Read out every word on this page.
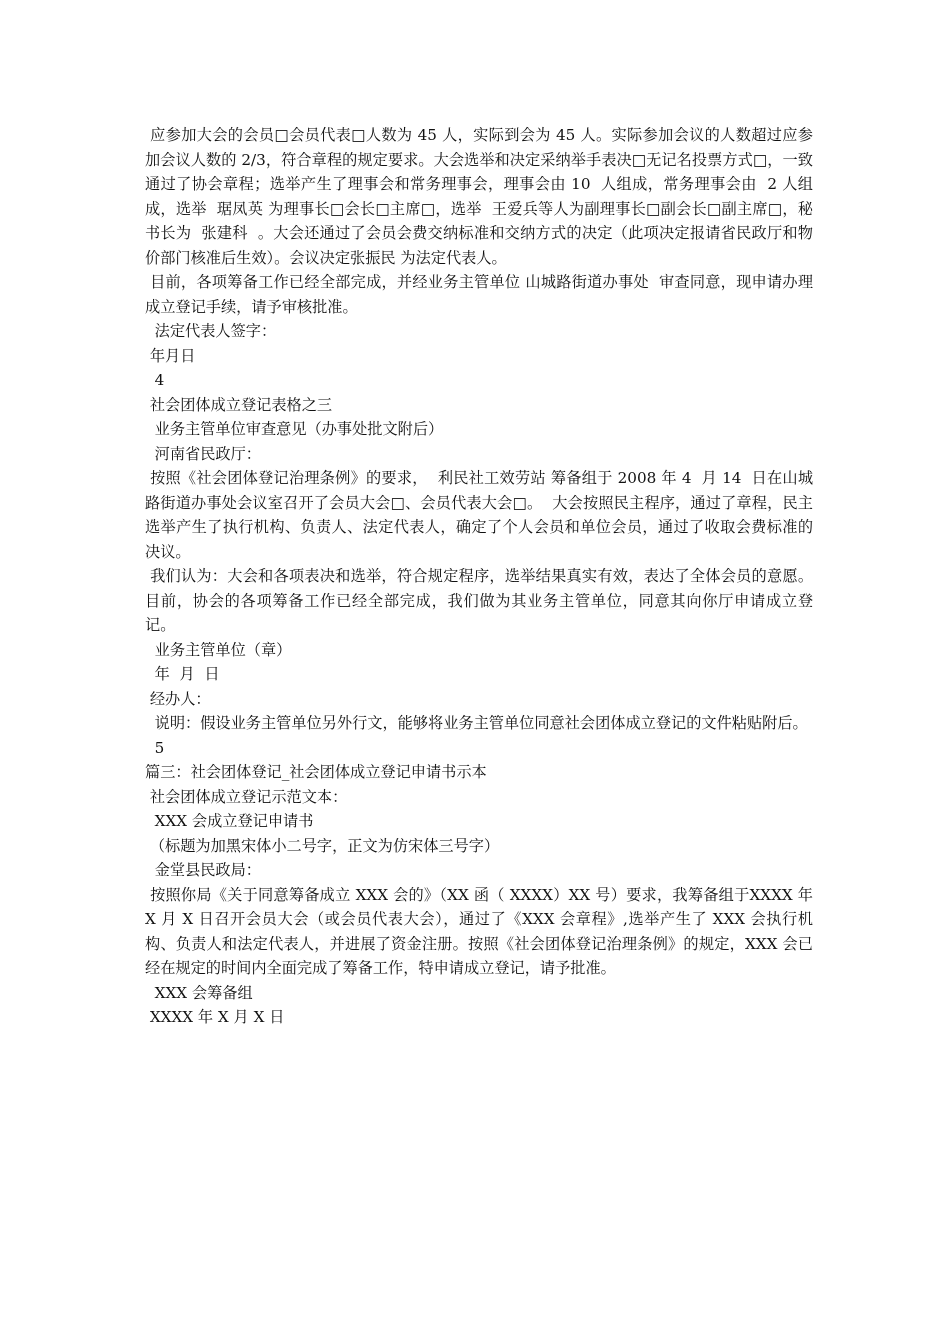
应参加大会的会员□会员代表□人数为 45 人，实际到会为 45 人。实际参加会议的人数超过应参加会议人数的 2/3，符合章程的规定要求。大会选举和决定采纳举手表决□无记名投票方式□，一致通过了协会章程；选举产生了理事会和常务理事会，理事会由 10  人组成，常务理事会由  2 人组成，选举  琚凤英 为理事长□会长□主席□，选举  王爱兵等人为副理事长□副会长□副主席□，秘书长为  张建科  。大会还通过了会员会费交纳标准和交纳方式的决定（此项决定报请省民政厅和物价部门核准后生效）。会议决定张振民 为法定代表人。

目前，各项筹备工作已经全部完成，并经业务主管单位 山城路街道办事处  审查同意，现申请办理成立登记手续，请予审核批准。

法定代表人签字：

年月日

4

社会团体成立登记表格之三

业务主管单位审查意见（办事处批文附后）

河南省民政厅：

按照《社会团体登记治理条例》的要求，  利民社工效劳站 筹备组于 2008 年 4  月 14  日在山城路街道办事处会议室召开了会员大会□、会员代表大会□。  大会按照民主程序，通过了章程，民主选举产生了执行机构、负责人、法定代表人，确定了个人会员和单位会员，通过了收取会费标准的决议。

我们认为：大会和各项表决和选举，符合规定程序，选举结果真实有效，表达了全体会员的意愿。目前，协会的各项筹备工作已经全部完成，我们做为其业务主管单位，同意其向你厅申请成立登记。

业务主管单位（章）

年  月  日

经办人：

说明：假设业务主管单位另外行文，能够将业务主管单位同意社会团体成立登记的文件粘贴附后。

5

篇三：社会团体登记_社会团体成立登记申请书示本

社会团体成立登记示范文本：

XXX 会成立登记申请书

（标题为加黑宋体小二号字，正文为仿宋体三号字）

金堂县民政局：

按照你局《关于同意筹备成立 XXX 会的》（XX 函（ XXXX）XX 号）要求，我筹备组于XXXX 年 X 月 X 日召开会员大会（或会员代表大会），通过了《XXX 会章程》,选举产生了 XXX 会执行机构、负责人和法定代表人，并进展了资金注册。按照《社会团体登记治理条例》的规定，XXX 会已经在规定的时间内全面完成了筹备工作，特申请成立登记，请予批准。

XXX 会筹备组

XXXX 年 X 月 X 日
